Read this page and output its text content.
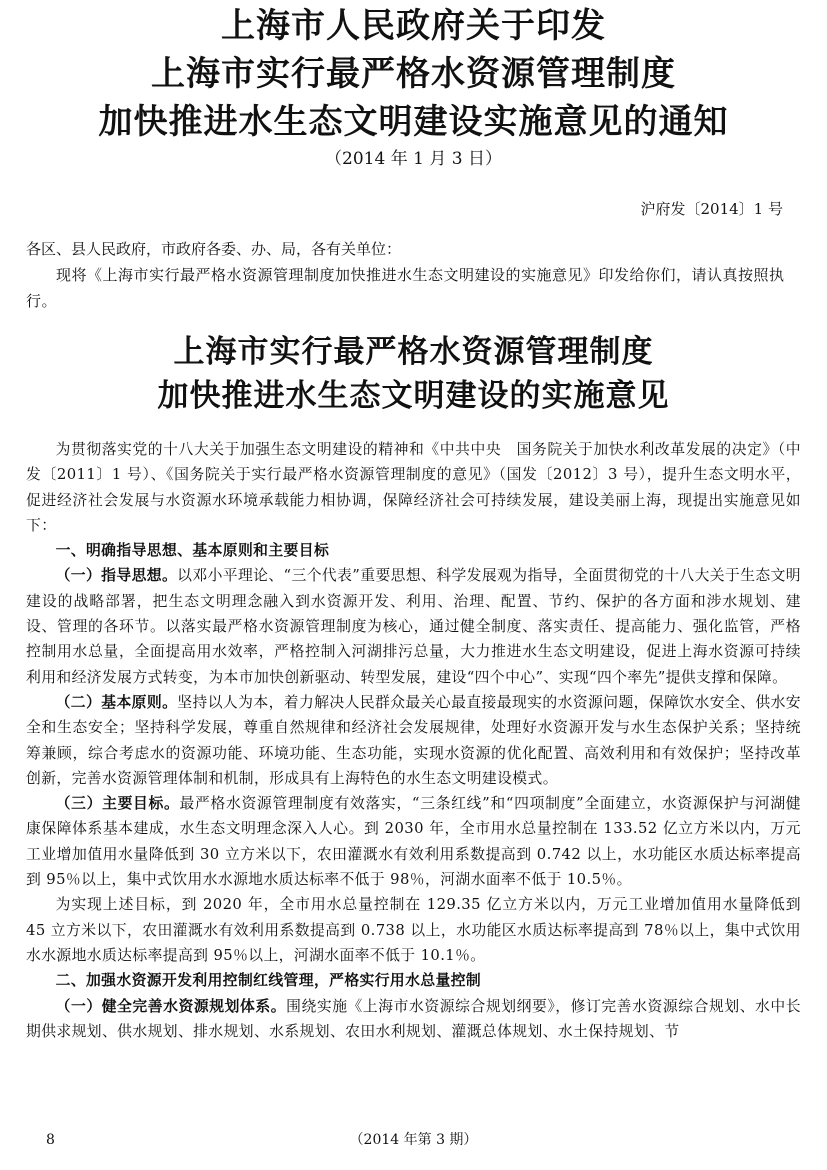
上海市人民政府关于印发
上海市实行最严格水资源管理制度
加快推进水生态文明建设实施意见的通知
（2014 年 1 月 3 日）
沪府发〔2014〕1 号
各区、县人民政府，市政府各委、办、局，各有关单位：
现将《上海市实行最严格水资源管理制度加快推进水生态文明建设的实施意见》印发给你们，请认真按照执行。
上海市实行最严格水资源管理制度
加快推进水生态文明建设的实施意见

为贯彻落实党的十八大关于加强生态文明建设的精神和《中共中央　国务院关于加快水利改革发展的决定》（中发〔2011〕1 号）、《国务院关于实行最严格水资源管理制度的意见》（国发〔2012〕3 号），提升生态文明水平，促进经济社会发展与水资源水环境承载能力相协调，保障经济社会可持续发展，建设美丽上海，现提出实施意见如下：

一、明确指导思想、基本原则和主要目标

（一）指导思想。以邓小平理论、“三个代表”重要思想、科学发展观为指导，全面贯彻党的十八大关于生态文明建设的战略部署，把生态文明理念融入到水资源开发、利用、治理、配置、节约、保护的各方面和涉水规划、建设、管理的各环节。以落实最严格水资源管理制度为核心，通过健全制度、落实责任、提高能力、强化监管，严格控制用水总量，全面提高用水效率，严格控制入河湖排污总量，大力推进水生态文明建设，促进上海水资源可持续利用和经济发展方式转变，为本市加快创新驱动、转型发展，建设“四个中心”、实现“四个率先”提供支撑和保障。

（二）基本原则。坚持以人为本，着力解决人民群众最关心最直接最现实的水资源问题，保障饮水安全、供水安全和生态安全；坚持科学发展，尊重自然规律和经济社会发展规律，处理好水资源开发与水生态保护关系；坚持统筹兼顾，综合考虑水的资源功能、环境功能、生态功能，实现水资源的优化配置、高效利用和有效保护；坚持改革创新，完善水资源管理体制和机制，形成具有上海特色的水生态文明建设模式。

（三）主要目标。最严格水资源管理制度有效落实，“三条红线”和“四项制度”全面建立，水资源保护与河湖健康保障体系基本建成，水生态文明理念深入人心。到 2030 年，全市用水总量控制在 133.52 亿立方米以内，万元工业增加值用水量降低到 30 立方米以下，农田灌溉水有效利用系数提高到 0.742 以上，水功能区水质达标率提高到 95％以上，集中式饮用水水源地水质达标率不低于 98％，河湖水面率不低于 10.5％。

为实现上述目标，到 2020 年，全市用水总量控制在 129.35 亿立方米以内，万元工业增加值用水量降低到 45 立方米以下，农田灌溉水有效利用系数提高到 0.738 以上，水功能区水质达标率提高到 78％以上，集中式饮用水水源地水质达标率提高到 95％以上，河湖水面率不低于 10.1％。

二、加强水资源开发利用控制红线管理，严格实行用水总量控制

（一）健全完善水资源规划体系。围绕实施《上海市水资源综合规划纲要》，修订完善水资源综合规划、水中长期供求规划、供水规划、排水规划、水系规划、农田水利规划、灌溉总体规划、水土保持规划、节

8	（2014 年第 3 期）
